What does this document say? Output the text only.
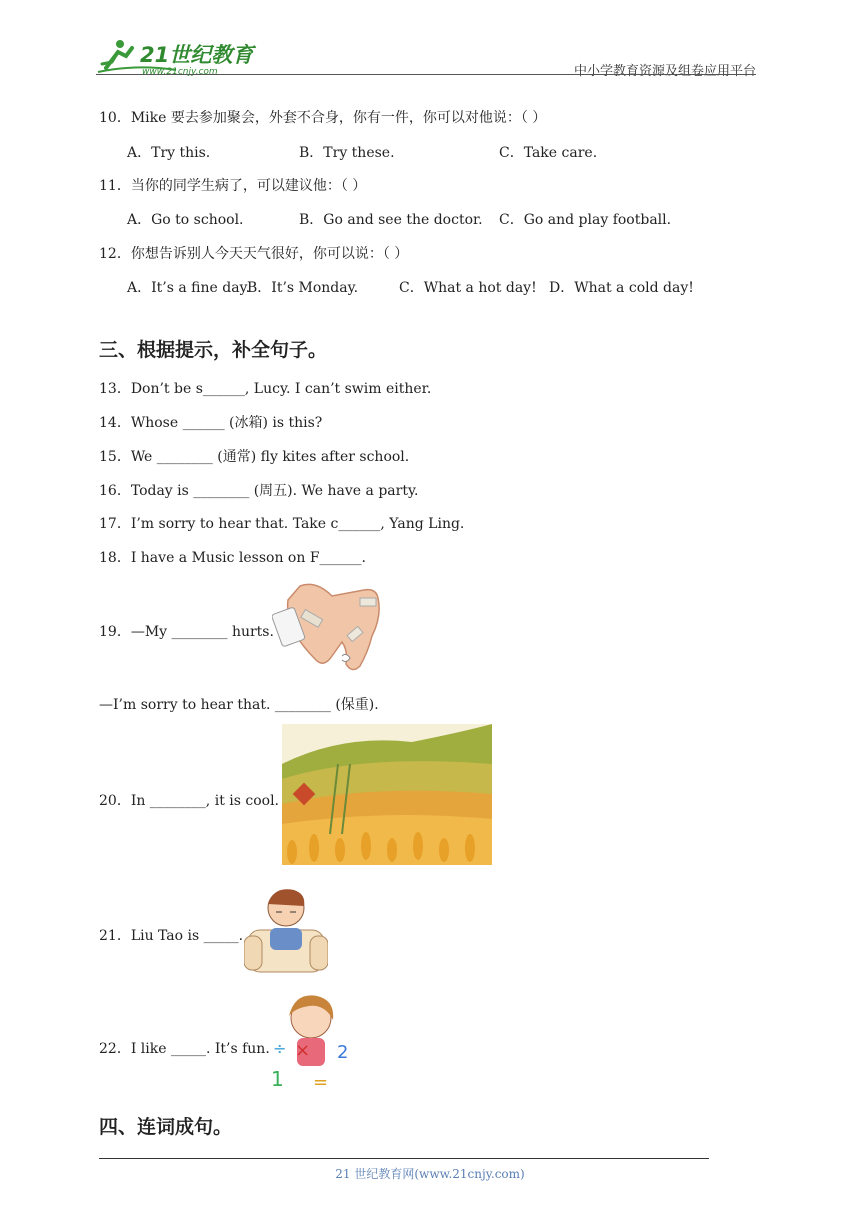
21世纪教育
www.21cnjy.com	中小学教育资源及组卷应用平台
10．Mike 要去参加聚会，外套不合身，你有一件，你可以对他说：（ ）
A．Try this.	B．Try these.	C．Take care.
11．当你的同学生病了，可以建议他：（ ）
A．Go to school.	B．Go and see the doctor. C．Go and play football.
12．你想告诉别人今天天气很好，你可以说：（ ）
A．It’s a fine day.
B．It’s Monday.	C．What a hot day! D．What a cold day!
三、根据提示，补全句子。
13．Don’t be s______, Lucy. I can’t swim either.
14．Whose ______ (冰箱) is this?
15．We ________ (通常) fly kites after school.
16．Today is ________ (周五). We have a party.
17．I’m sorry to hear that. Take c______, Yang Ling.
18．I have a Music lesson on F______.
19．—My ________ hurts.
—I’m sorry to hear that. ________ (保重).
20．In ________, it is cool.
21．Liu Tao is _____.
22．I like _____. It’s fun. ×
÷	2
1 =
四、连词成句。
21 世纪教育网(www.21cnjy.com)
